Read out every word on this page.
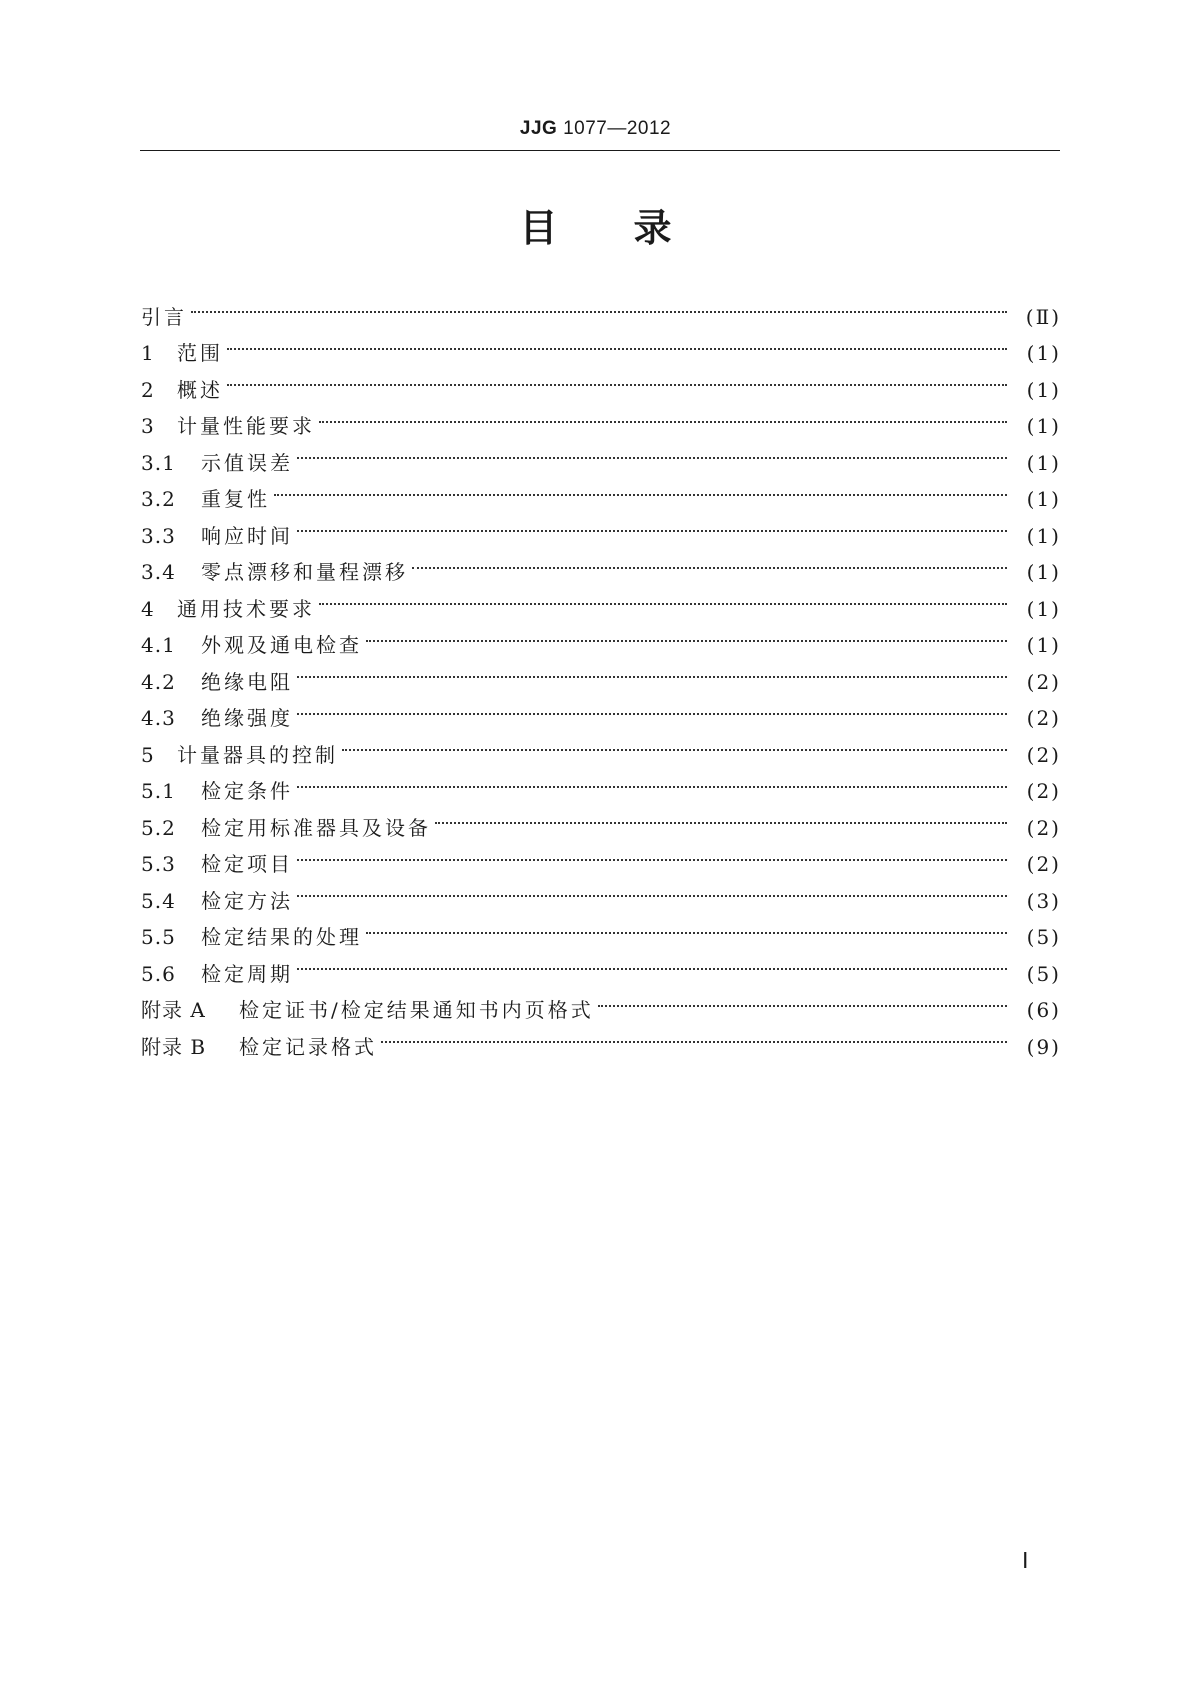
JJG 1077—2012
目 录
引言	(Ⅱ)
1	范围	(1)
2	概述	(1)
3	计量性能要求	(1)
3.1	示值误差	(1)
3.2	重复性	(1)
3.3	响应时间	(1)
3.4	零点漂移和量程漂移	(1)
4	通用技术要求	(1)
4.1	外观及通电检查	(1)
4.2	绝缘电阻	(2)
4.3	绝缘强度	(2)
5	计量器具的控制	(2)
5.1	检定条件	(2)
5.2	检定用标准器具及设备	(2)
5.3	检定项目	(2)
5.4	检定方法	(3)
5.5	检定结果的处理	(5)
5.6	检定周期	(5)
附录 A	检定证书/检定结果通知书内页格式	(6)
附录 B	检定记录格式	(9)
Ⅰ
